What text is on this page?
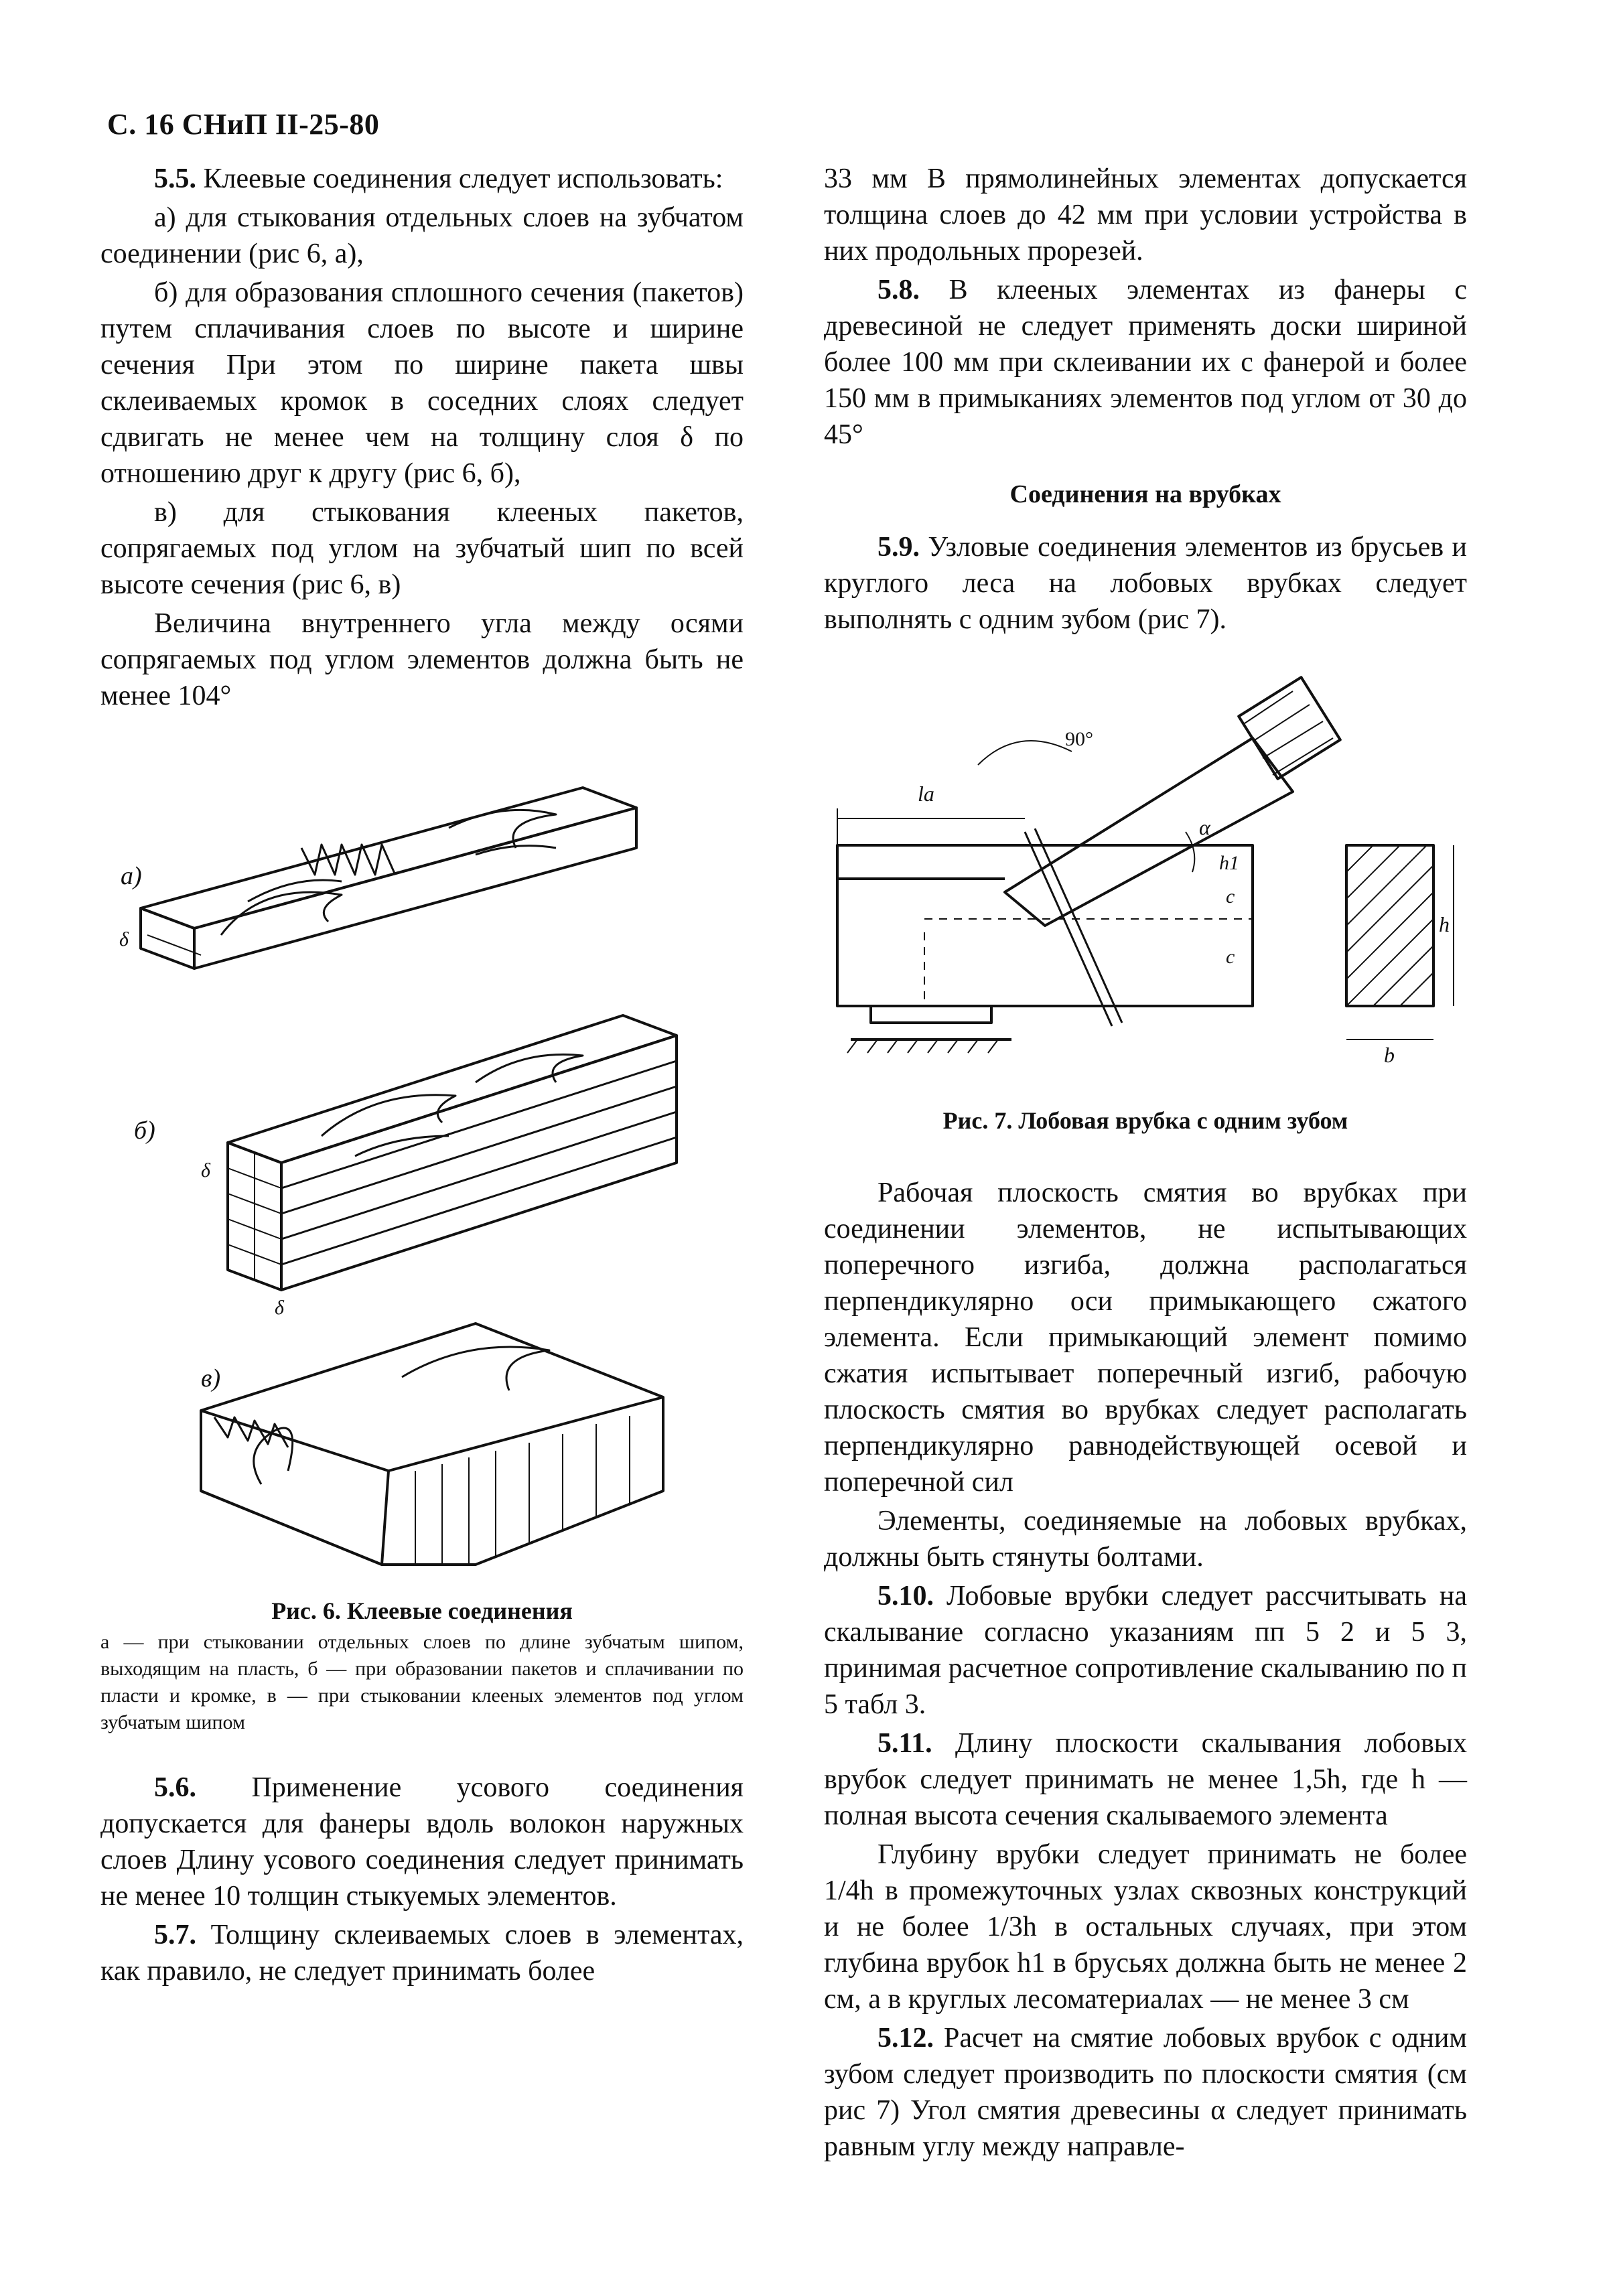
С. 16 СНиП II-25-80

5.5. Клеевые соединения следует использовать:

а) для стыкования отдельных слоев на зубчатом соединении (рис 6, а),

б) для образования сплошного сечения (пакетов) путем сплачивания слоев по высоте и ширине сечения При этом по ширине пакета швы склеиваемых кромок в соседних слоях следует сдвигать не менее чем на толщину слоя δ по отношению друг к другу (рис 6, б),

в) для стыкования клееных пакетов, сопрягаемых под углом на зубчатый шип по всей высоте сечения (рис 6, в)

Величина внутреннего угла между осями сопрягаемых под углом элементов должна быть не менее 104°

а)
б)
в)
δ
δ
δ
Рис. 6. Клеевые соединения

а — при стыковании отдельных слоев по длине зубчатым шипом, выходящим на пласть, б — при образовании пакетов и сплачивании по пласти и кромке, в — при стыковании клееных элементов под углом зубчатым шипом

5.6. Применение усового соединения допускается для фанеры вдоль волокон наружных слоев Длину усового соединения следует принимать не менее 10 толщин стыкуемых элементов.

5.7. Толщину склеиваемых слоев в элементах, как правило, не следует принимать более

33 мм В прямолинейных элементах допускается толщина слоев до 42 мм при условии устройства в них продольных прорезей.

5.8. В клееных элементах из фанеры с древесиной не следует применять доски шириной более 100 мм при склеивании их с фанерой и более 150 мм в примыканиях элементов под углом от 30 до 45°

Соединения на врубках

5.9. Узловые соединения элементов из брусьев и круглого леса на лобовых врубках следует выполнять с одним зубом (рис 7).

90°
lа
α
h1
c
c
h
b
Рис. 7. Лобовая врубка с одним зубом

Рабочая плоскость смятия во врубках при соединении элементов, не испытывающих поперечного изгиба, должна располагаться перпендикулярно оси примыкающего сжатого элемента. Если примыкающий элемент помимо сжатия испытывает поперечный изгиб, рабочую плоскость смятия во врубках следует располагать перпендикулярно равнодействующей осевой и поперечной сил

Элементы, соединяемые на лобовых врубках, должны быть стянуты болтами.

5.10. Лобовые врубки следует рассчитывать на скалывание согласно указаниям пп 5 2 и 5 3, принимая расчетное сопротивление скалыванию по п 5 табл 3.

5.11. Длину плоскости скалывания лобовых врубок следует принимать не менее 1,5h, где h — полная высота сечения скалываемого элемента

Глубину врубки следует принимать не более 1/4h в промежуточных узлах сквозных конструкций и не более 1/3h в остальных случаях, при этом глубина врубок h1 в брусьях должна быть не менее 2 см, а в круглых лесоматериалах — не менее 3 см

5.12. Расчет на смятие лобовых врубок с одним зубом следует производить по плоскости смятия (см рис 7) Угол смятия древесины α следует принимать равным углу между направле-
